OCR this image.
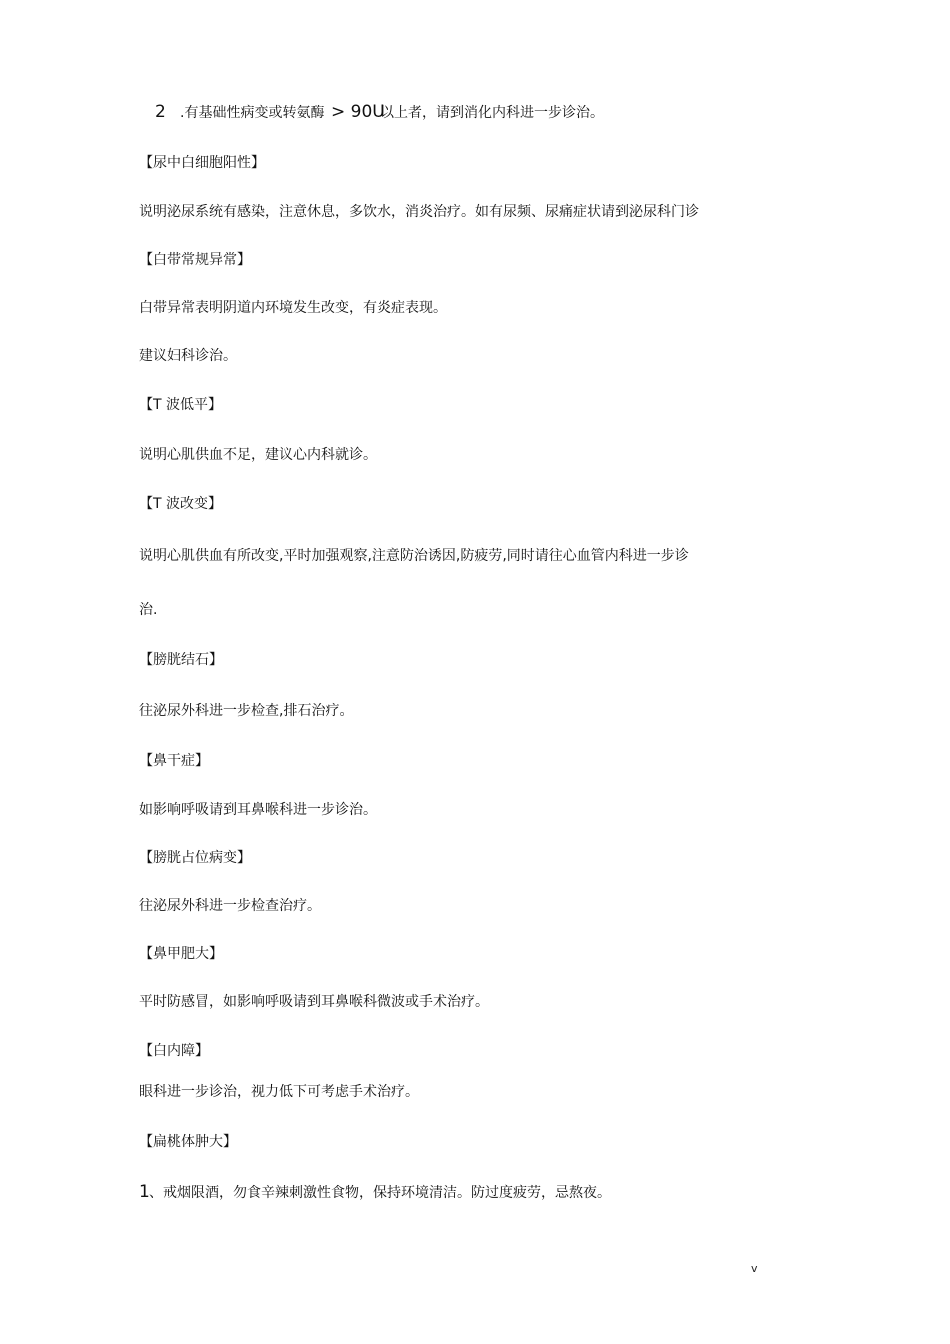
2 .有基础性病变或转氨酶 > 90U
以上者，请到消化内科进一步诊治。
【尿中白细胞阳性】
说明泌尿系统有感染，注意休息，多饮水，消炎治疗。如有尿频、尿痛症状请到泌尿科门诊
【白带常规异常】
白带异常表明阴道内环境发生改变，有炎症表现。
建议妇科诊治。
【T 波低平】
说明心肌供血不足，建议心内科就诊。
【T 波改变】
说明心肌供血有所改变,平时加强观察,注意防治诱因,防疲劳,同时请往心血管内科进一步诊
治.
【膀胱结石】
往泌尿外科进一步检查,排石治疗。
【鼻干症】
如影响呼吸请到耳鼻喉科进一步诊治。
【膀胱占位病变】
往泌尿外科进一步检查治疗。
【鼻甲肥大】
平时防感冒，如影响呼吸请到耳鼻喉科微波或手术治疗。
【白内障】
眼科进一步诊治，视力低下可考虑手术治疗。
【扁桃体肿大】
1 、戒烟限酒，勿食辛辣刺激性食物，保持环境清洁。防过度疲劳，忌熬夜。
v
